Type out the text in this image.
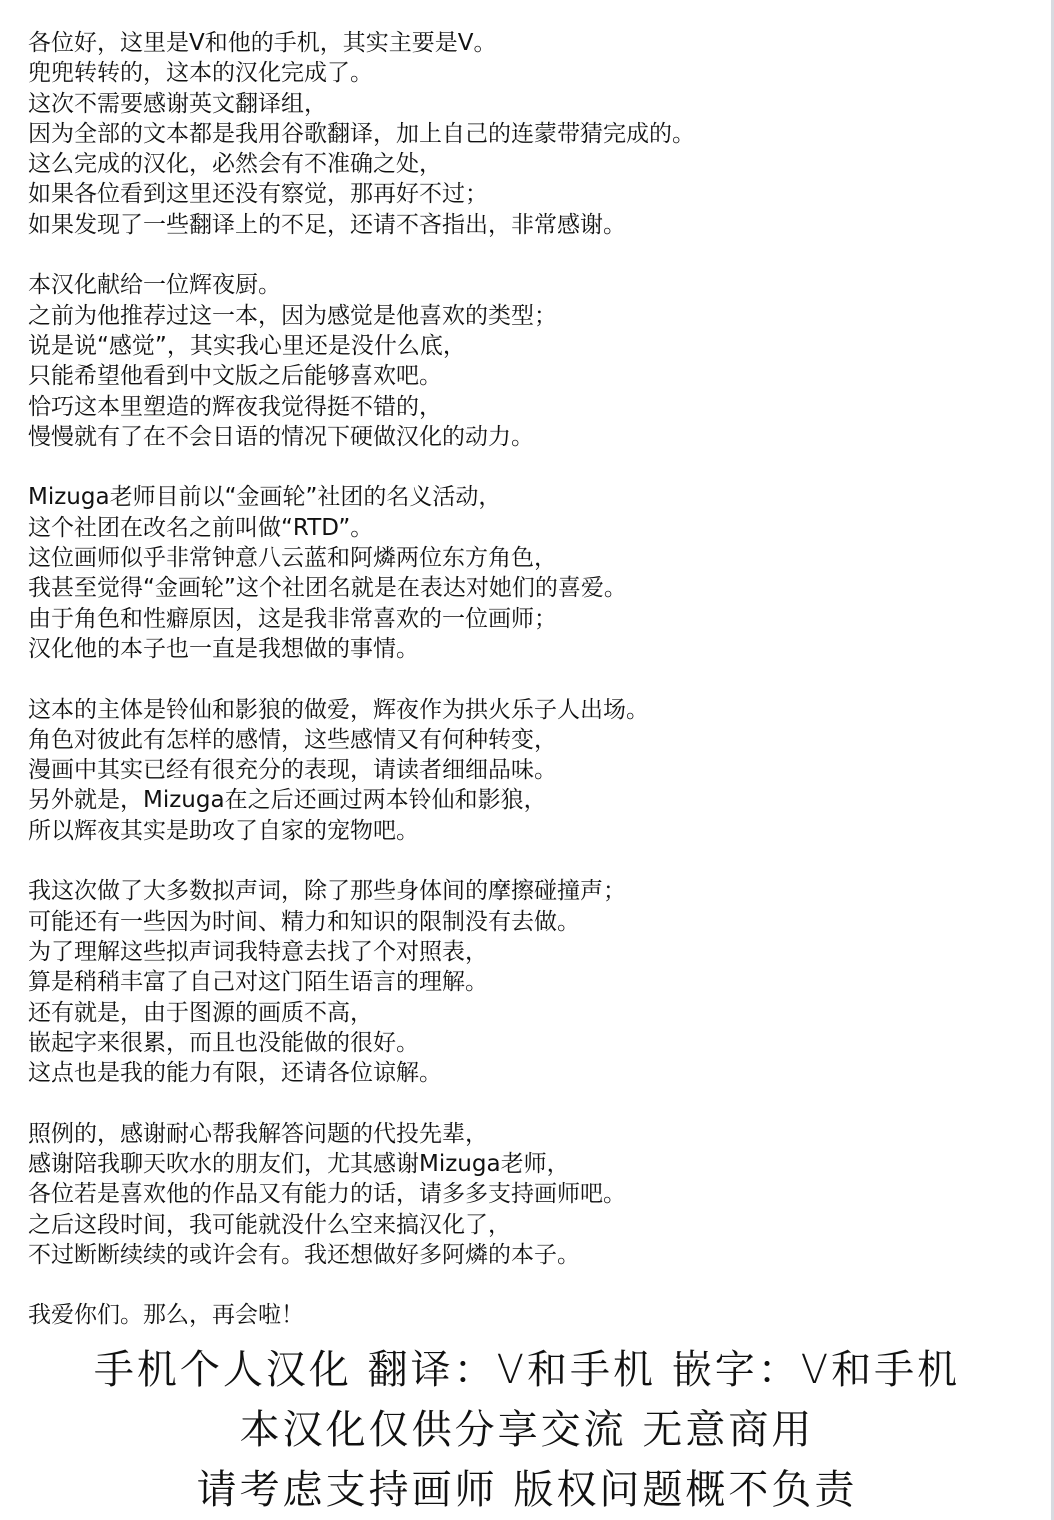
各位好，这里是V和他的手机，其实主要是V。
兜兜转转的，这本的汉化完成了。
这次不需要感谢英文翻译组，
因为全部的文本都是我用谷歌翻译，加上自己的连蒙带猜完成的。
这么完成的汉化，必然会有不准确之处，
如果各位看到这里还没有察觉，那再好不过；
如果发现了一些翻译上的不足，还请不吝指出，非常感谢。
本汉化献给一位辉夜厨。
之前为他推荐过这一本，因为感觉是他喜欢的类型；
说是说“感觉”，其实我心里还是没什么底，
只能希望他看到中文版之后能够喜欢吧。
恰巧这本里塑造的辉夜我觉得挺不错的，
慢慢就有了在不会日语的情况下硬做汉化的动力。
Mizuga老师目前以“金画轮”社团的名义活动，
这个社团在改名之前叫做“RTD”。
这位画师似乎非常钟意八云蓝和阿燐两位东方角色，
我甚至觉得“金画轮”这个社团名就是在表达对她们的喜爱。
由于角色和性癖原因，这是我非常喜欢的一位画师；
汉化他的本子也一直是我想做的事情。
这本的主体是铃仙和影狼的做爱，辉夜作为拱火乐子人出场。
角色对彼此有怎样的感情，这些感情又有何种转变，
漫画中其实已经有很充分的表现，请读者细细品味。
另外就是，Mizuga在之后还画过两本铃仙和影狼，
所以辉夜其实是助攻了自家的宠物吧。
我这次做了大多数拟声词，除了那些身体间的摩擦碰撞声；
可能还有一些因为时间、精力和知识的限制没有去做。
为了理解这些拟声词我特意去找了个对照表，
算是稍稍丰富了自己对这门陌生语言的理解。
还有就是，由于图源的画质不高，
嵌起字来很累，而且也没能做的很好。
这点也是我的能力有限，还请各位谅解。
照例的，感谢耐心帮我解答问题的代投先辈，
感谢陪我聊天吹水的朋友们，尤其感谢Mizuga老师，
各位若是喜欢他的作品又有能力的话，请多多支持画师吧。
之后这段时间，我可能就没什么空来搞汉化了，
不过断断续续的或许会有。我还想做好多阿燐的本子。
我爱你们。那么，再会啦！
手机个人汉化 翻译：V和手机 嵌字：V和手机
本汉化仅供分享交流 无意商用
请考虑支持画师 版权问题概不负责
